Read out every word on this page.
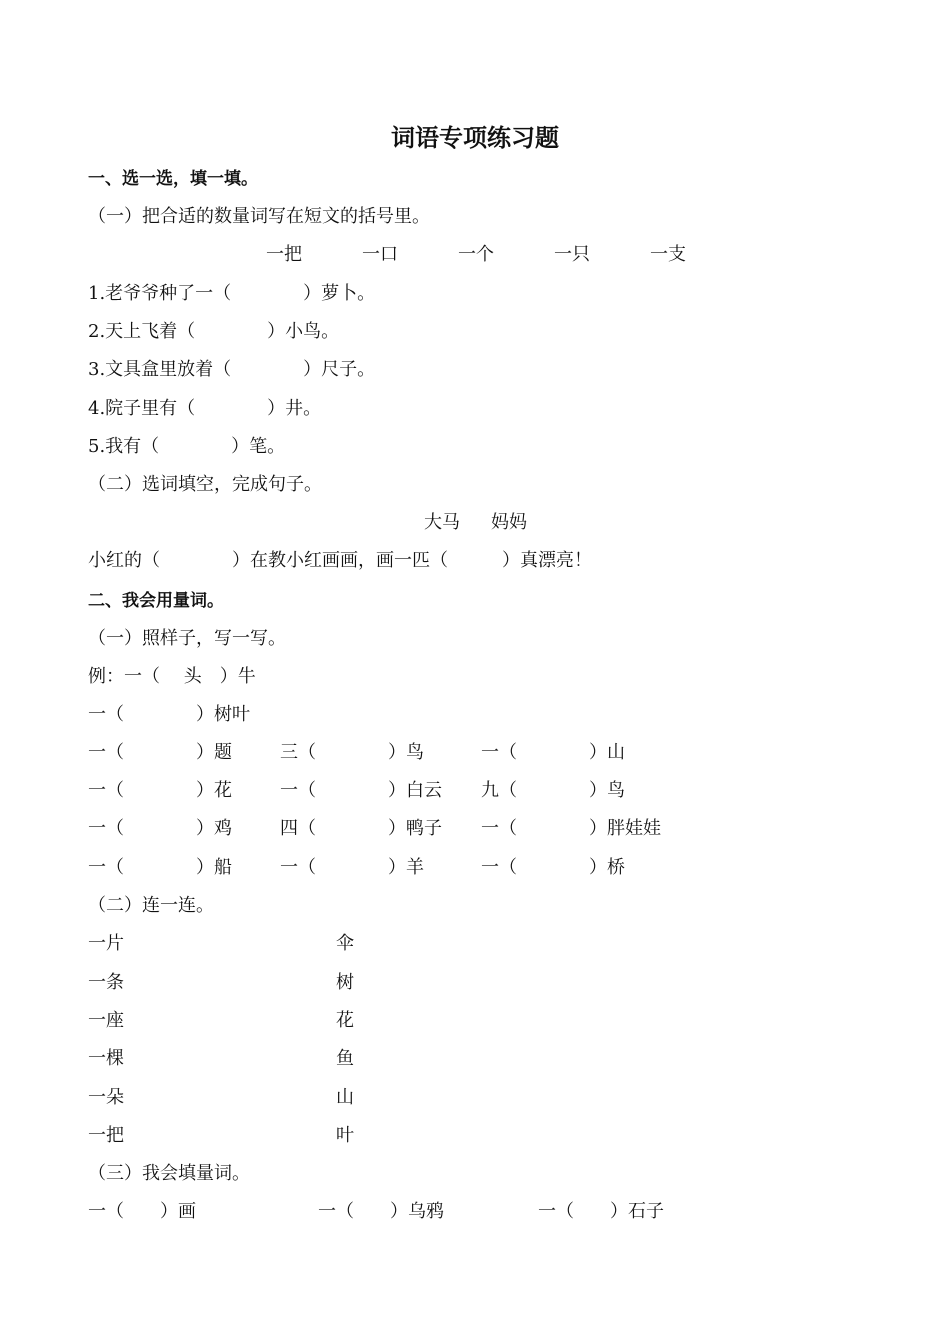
词语专项练习题
一、选一选，填一填。
（一）把合适的数量词写在短文的括号里。
一把	一口	一个	一只	一支
1.老爷爷种了一（　　　　）萝卜。
2.天上飞着（　　　　）小鸟。
3.文具盒里放着（　　　　）尺子。
4.院子里有（　　　　）井。
5.我有（　　　　）笔。
（二）选词填空，完成句子。
大马 妈妈
小红的（　　　　）在教小红画画，画一匹（　　　）真漂亮！
二、我会用量词。
（一）照样子，写一写。
例：一（　 头　）牛
一（　　　　）树叶
一（　　　　）题	三（　　　　）鸟	一（　　　　）山
一（　　　　）花	一（　　　　）白云 九（　　　　）鸟
一（　　　　）鸡	四（　　　　）鸭子 一（　　　　）胖娃娃
一（　　　　）船	一（　　　　）羊	一（　　　　）桥
（二）连一连。
一片	伞
一条	树
一座	花
一棵	鱼
一朵	山
一把	叶
（三）我会填量词。
一（　　）画	一（　　）乌鸦	一（　　）石子
